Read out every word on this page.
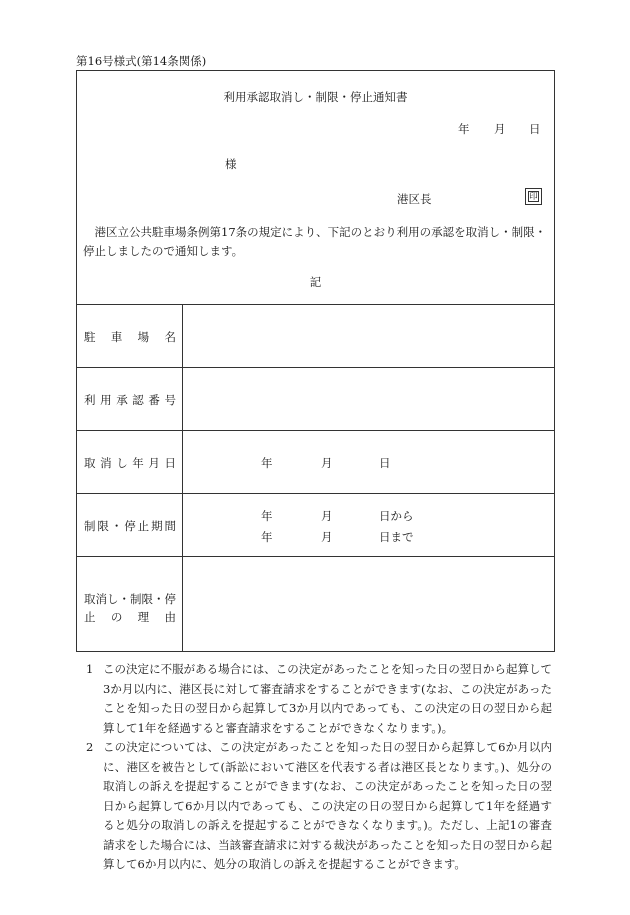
第16号様式(第14条関係)
利用承認取消し・制限・停止通知書
年 月 日
様
港区長	印
港区立公共駐車場条例第17条の規定により、下記のとおり利用の承認を取消し・制限・停止しましたので通知します。
記
駐車場名
利用承認番号
取消し年月日	年	月	日
制限・停止期間
年	月	日から
年	月	日まで
取消し・制限・停
止の理由
1 この決定に不服がある場合には、この決定があったことを知った日の翌日から起算して3か月以内に、港区長に対して審査請求をすることができます(なお、この決定があったことを知った日の翌日から起算して3か月以内であっても、この決定の日の翌日から起算して1年を経過すると審査請求をすることができなくなります。)。
2 この決定については、この決定があったことを知った日の翌日から起算して6か月以内に、港区を被告として(訴訟において港区を代表する者は港区長となります。)、処分の取消しの訴えを提起することができます(なお、この決定があったことを知った日の翌日から起算して6か月以内であっても、この決定の日の翌日から起算して1年を経過すると処分の取消しの訴えを提起することができなくなります。)。ただし、上記1の審査請求をした場合には、当該審査請求に対する裁決があったことを知った日の翌日から起算して6か月以内に、処分の取消しの訴えを提起することができます。
